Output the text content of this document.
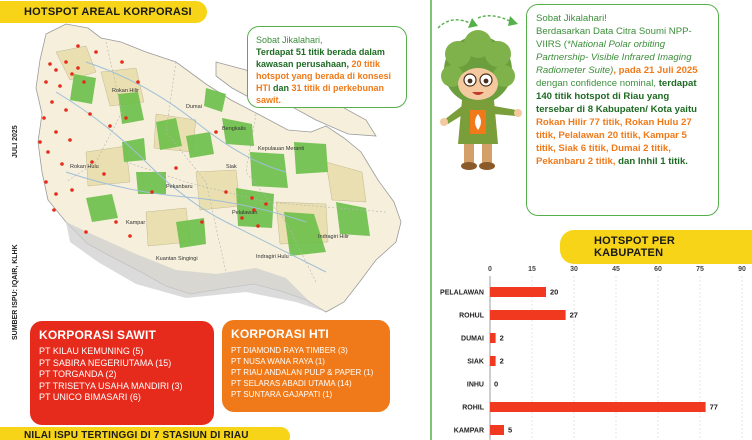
HOTSPOT AREAL KORPORASI
JULI 2025
SUMBER ISPU: IQAIR, KLHK
Rokan Hilir
Dumai
Bengkalis
Kepulauan Meranti
Rokan Hulu	Siak
Pekanbaru
Pelalawan
Kampar
Indragiri Hilir
Indragiri Hulu
Kuantan Singingi
Sobat Jikalahari,
Terdapat 51 titik berada dalam kawasan perusahaan, 20 titik hotspot yang berada di konsesi HTI dan 31 titik di perkebunan sawit.
Sobat Jikalahari!
Berdasarkan Data Citra Soumi NPP-VIIRS (*National Polar orbiting Partnership- Visible Infrared Imaging Radiometer Suite), pada 21 Juli 2025 dengan confidence nominal, terdapat 140 titik hotspot di Riau yang tersebar di 8 Kabupaten/ Kota yaitu Rokan Hilir 77 titik, Rokan Hulu 27 titik, Pelalawan 20 titik, Kampar 5 titik, Siak 6 titik, Dumai 2 titik, Pekanbaru 2 titik, dan Inhil 1 titik.
HOTSPOT PER KABUPATEN
0	15	30	45	60	75	90
PELALAWAN	20
ROHUL	27
DUMAI 2
SIAK 2
INHU 0
ROHIL	77
KAMPAR	5
KORPORASI SAWIT
PT KILAU KEMUNING (5)
PT SABIRA NEGERIUTAMA (15)
PT TORGANDA (2)
PT TRISETYA USAHA MANDIRI (3)
PT UNICO BIMASARI (6)
KORPORASI HTI
PT DIAMOND RAYA TIMBER (3)
PT NUSA WANA RAYA (1)
PT RIAU ANDALAN PULP & PAPER (1)
PT SELARAS ABADI UTAMA (14)
PT SUNTARA GAJAPATI (1)
NILAI ISPU TERTINGGI DI 7 STASIUN DI RIAU
